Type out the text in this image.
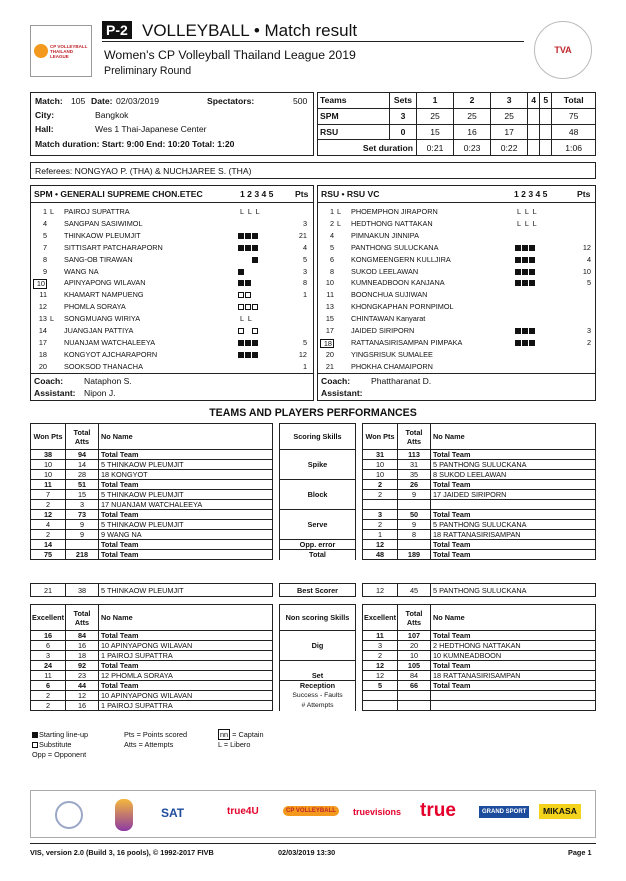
CP VOLLEYBALL THAILAND LEAGUE
P-2 VOLLEYBALL • Match result
Women's CP Volleyball Thailand League 2019
Preliminary Round
TVA
Match: 105 Date: 02/03/2019	Spectators:	500
City:	Bangkok
Hall:	Wes 1 Thai-Japanese Center
Match duration: Start: 9:00 End: 10:20 Total: 1:20
Teams	Sets	1	2	3	4	5	Total
SPM	3	25	25	25			75
RSU	0	15	16	17			48
Set duration		0:21	0:23	0:22			1:06
Referees: NONGYAO P. (THA) & NUCHJAREE S. (THA)
SPM • GENERALI SUPREME CHON.ETEC	1 2 3 4 5	Pts
1 L PAIROJ SUPATTRA	L L L
4 SANGPAN SASIWIMOL	3
5 THINKAOW PLEUMJIT	21
7 SITTISART PATCHARAPORN	4
8 SANG-OB TIRAWAN	5
9 WANG NA	3
10	APINYAPONG WILAVAN	8
11 KHAMART NAMPUENG	1
12 PHOMLA SORAYA
13 L SONGMUANG WIRIYA	L L
14 JUANGJAN PATTIYA
17 NUANJAM WATCHALEEYA	5
18 KONGYOT AJCHARAPORN	12
20 SOOKSOD THANACHA	1
Coach: Nataphon S.
Assistant: Nipon J.
RSU • RSU VC	1 2 3 4 5	Pts
1 L PHOEMPHON JIRAPORN	L L L
2 L HEDTHONG NATTAKAN	L L L
4 PIMNAKUN JINNIPA
5 PANTHONG SULUCKANA	12
6 KONGMEENGERN KULLJIRA	4
8 SUKOD LEELAWAN	10
10 KUMNEADBOON KANJANA	5
11 BOONCHUA SUJIWAN
13 KHONGKAPHAN PORNPIMOL
15 CHINTAWAN Kanyarat
17 JAIDED SIRIPORN	3
18	RATTANASIRISAMPAN PIMPAKA	2
20 YINGSRISUK SUMALEE
21 PHOKHA CHAMAIPORN
Coach: Phattharanat D.
Assistant:
TEAMS AND PLAYERS PERFORMANCES
Won Pts	Total Atts	No Name		Scoring Skills		Won Pts	Total Atts	No Name
38	94	Total Team				31	113	Total Team
10	14	5 THINKAOW PLEUMJIT		Spike		10	31	5 PANTHONG SULUCKANA
10	28	18 KONGYOT				10	35	8 SUKOD LEELAWAN
11	51	Total Team				2	26	Total Team
7	15	5 THINKAOW PLEUMJIT		Block		2	9	17 JAIDED SIRIPORN
2	3	17 NUANJAM WATCHALEEYA						
12	73	Total Team				3	50	Total Team
4	9	5 THINKAOW PLEUMJIT		Serve		2	9	5 PANTHONG SULUCKANA
2	9	9 WANG NA				1	8	18 RATTANASIRISAMPAN
14		Total Team		Opp. error		12		Total Team
75	218	Total Team		Total		48	189	Total Team
21	38	5 THINKAOW PLEUMJIT		Best Scorer		12	45	5 PANTHONG SULUCKANA
Excellent	Total Atts	No Name		Non scoring Skills		Excellent	Total Atts	No Name
16	84	Total Team				11	107	Total Team
6	16	10 APINYAPONG WILAVAN		Dig		3	20	2 HEDTHONG NATTAKAN
3	18	1 PAIROJ SUPATTRA				2	10	10 KUMNEADBOON
24	92	Total Team				12	105	Total Team
11	23	12 PHOMLA SORAYA		Set		12	84	18 RATTANASIRISAMPAN
6	44	Total Team		Reception		5	66	Total Team
2	12	10 APINYAPONG WILAVAN		Success - Faults				
2	16	1 PAIROJ SUPATTRA		# Attempts				
Starting line-up
Substitute
Opp = Opponent
Pts = Points scored
Atts = Attempts
nn = Captain
L = Libero
SAT	true4U	CP VOLLEYBALL	truevisions true	GRAND SPORT	MIKASA
VIS, version 2.0 (Build 3, 16 pools), © 1992-2017 FIVB	02/03/2019 13:30	Page 1
